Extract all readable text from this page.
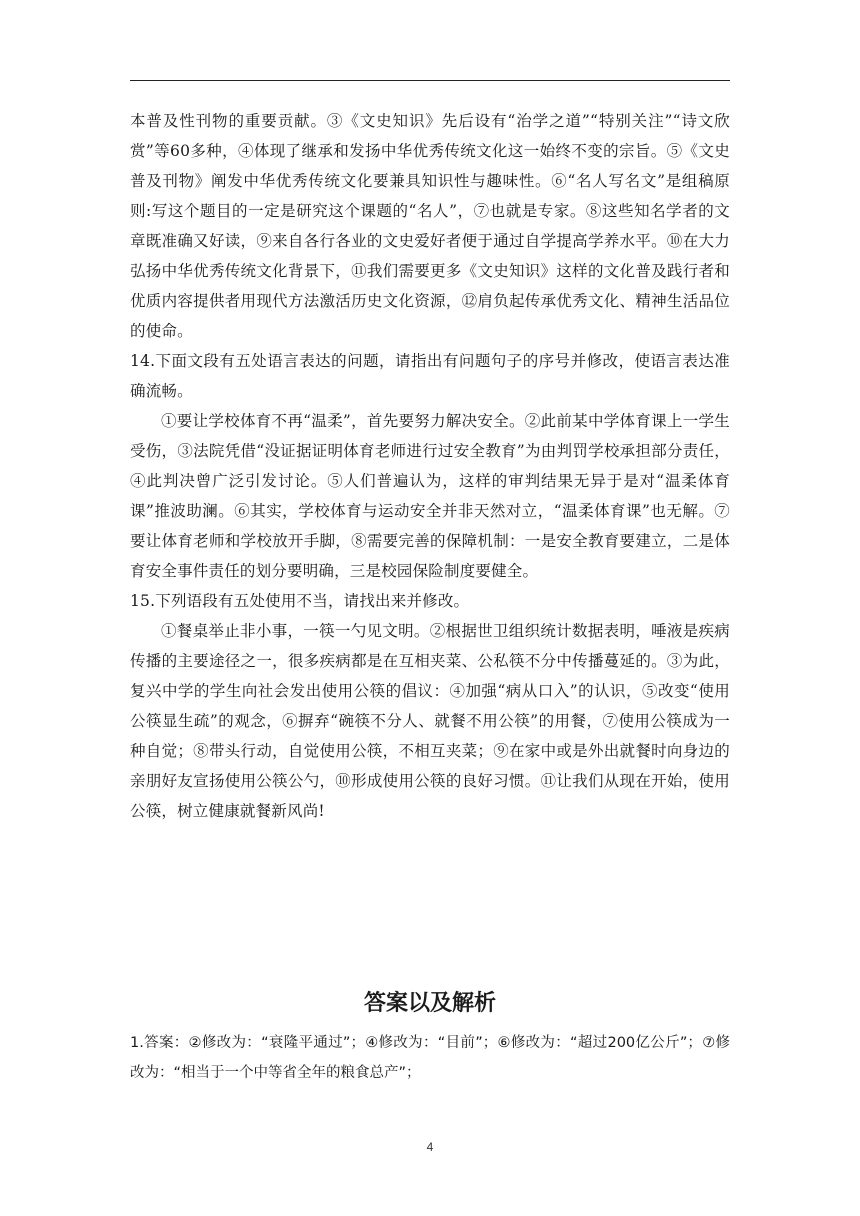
本普及性刊物的重要贡献。③《文史知识》先后设有“治学之道”“特别关注”“诗文欣赏”等60多种，④体现了继承和发扬中华优秀传统文化这一始终不变的宗旨。⑤《文史普及刊物》阐发中华优秀传统文化要兼具知识性与趣味性。⑥“名人写名文”是组稿原则:写这个题目的一定是研究这个课题的“名人”，⑦也就是专家。⑧这些知名学者的文章既准确又好读，⑨来自各行各业的文史爱好者便于通过自学提高学养水平。⑩在大力弘扬中华优秀传统文化背景下，⑪我们需要更多《文史知识》这样的文化普及践行者和优质内容提供者用现代方法激活历史文化资源，⑫肩负起传承优秀文化、精神生活品位的使命。

14.下面文段有五处语言表达的问题，请指出有问题句子的序号并修改，使语言表达准确流畅。

①要让学校体育不再“温柔”，首先要努力解决安全。②此前某中学体育课上一学生受伤，③法院凭借“没证据证明体育老师进行过安全教育”为由判罚学校承担部分责任，④此判决曾广泛引发讨论。⑤人们普遍认为，这样的审判结果无异于是对“温柔体育课”推波助澜。⑥其实，学校体育与运动安全并非天然对立，“温柔体育课”也无解。⑦要让体育老师和学校放开手脚，⑧需要完善的保障机制：一是安全教育要建立，二是体育安全事件责任的划分要明确，三是校园保险制度要健全。

15.下列语段有五处使用不当，请找出来并修改。

①餐桌举止非小事，一筷一勺见文明。②根据世卫组织统计数据表明，唾液是疾病传播的主要途径之一，很多疾病都是在互相夹菜、公私筷不分中传播蔓延的。③为此，复兴中学的学生向社会发出使用公筷的倡议：④加强“病从口入”的认识，⑤改变“使用公筷显生疏”的观念，⑥摒弃“碗筷不分人、就餐不用公筷”的用餐，⑦使用公筷成为一种自觉；⑧带头行动，自觉使用公筷，不相互夹菜；⑨在家中或是外出就餐时向身边的亲朋好友宣扬使用公筷公勺，⑩形成使用公筷的良好习惯。⑪让我们从现在开始，使用公筷，树立健康就餐新风尚!

答案以及解析
1.答案：②修改为：“衰隆平通过”；④修改为：“目前”；⑥修改为：“超过200亿公斤”；⑦修改为：“相当于一个中等省全年的粮食总产”；
4
